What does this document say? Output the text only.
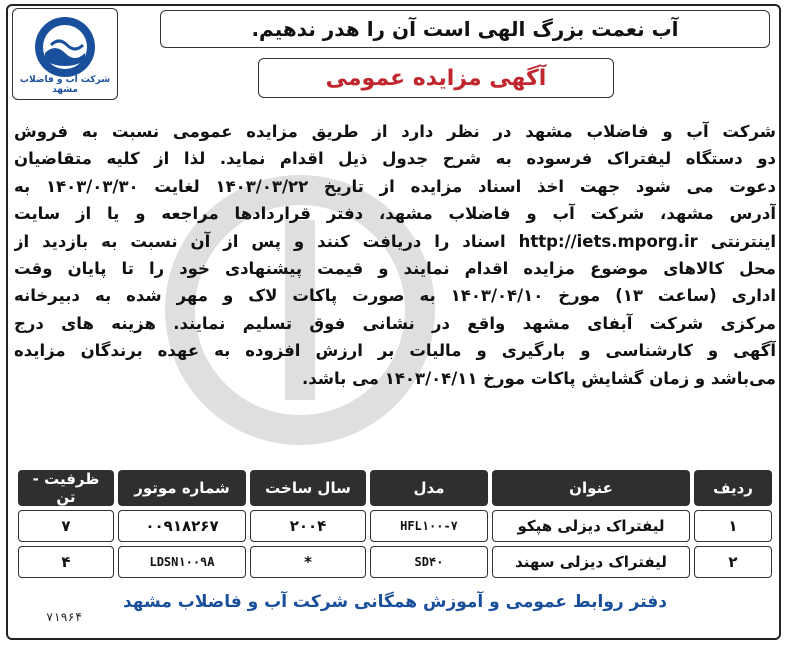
شرکت آب و فاضلاب مشهد
آب نعمت بزرگ الهی است آن را هدر ندهیم.
آگهی مزایده عمومی
شرکت آب و فاضلاب مشهد در نظر دارد از طریق مزایده عمومی نسبت به فروش
دو دستگاه لیفتراک فرسوده به شرح جدول ذیل اقدام نماید. لذا از کلیه متقاضیان
دعوت می شود جهت اخذ اسناد مزایده از تاریخ ۱۴۰۳/۰۳/۲۲ لغایت ۱۴۰۳/۰۳/۳۰ به
آدرس مشهد، شرکت آب و فاضلاب مشهد، دفتر قراردادها مراجعه و یا از سایت
اینترنتی http://iets.mporg.ir اسناد را دریافت کنند و پس از آن نسبت به بازدید از
محل کالاهای موضوع مزایده اقدام نمایند و قیمت پیشنهادی خود را تا پایان وقت
اداری (ساعت ۱۳) مورخ ۱۴۰۳/۰۴/۱۰ به صورت پاکات لاک و مهر شده به دبیرخانه
مرکزی شرکت آبفای مشهد واقع در نشانی فوق تسلیم نمایند. هزینه های درج
آگهی و کارشناسی و بارگیری و مالیات بر ارزش افزوده به عهده برندگان مزایده
می‌باشد و زمان گشایش پاکات مورخ ۱۴۰۳/۰۴/۱۱ می باشد.
ردیف	عنوان	مدل	سال ساخت	شماره موتور	ظرفیت - تن
۱	لیفتراک دیزلی هپکو	HFL۱۰۰-۷	۲۰۰۴	۰۰۹۱۸۲۶۷	۷
۲	لیفتراک دیزلی سهند	SD۴۰	*	LDSN۱۰۰۹A	۴
دفتر روابط عمومی و آموزش همگانی شرکت آب و فاضلاب مشهد
۷۱۹۶۴
